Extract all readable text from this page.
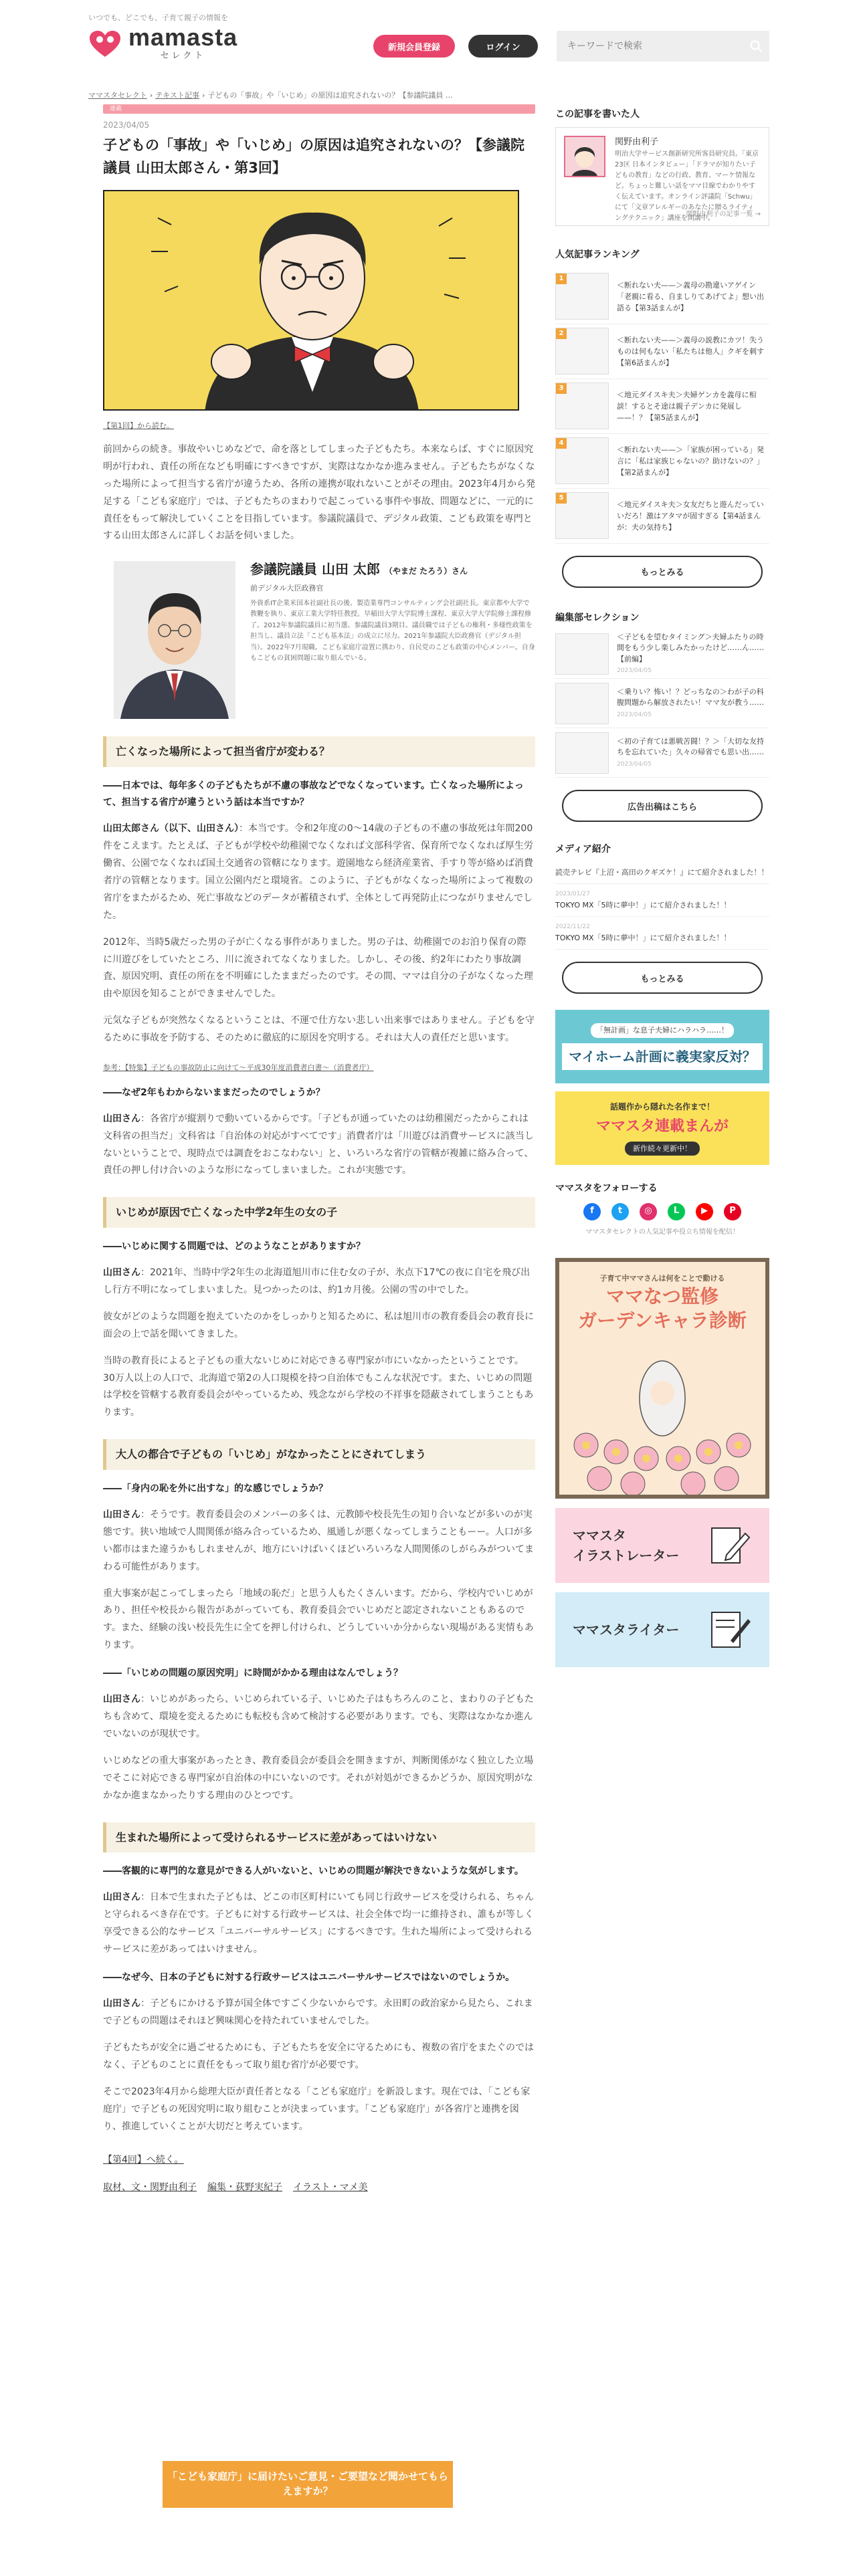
いつでも、どこでも、子育て親子の情報を
mamasta
セレクト
新規会員登録	ログイン
キーワードで検索
ママスタセレクト › テキスト記事 › 子どもの「事故」や「いじめ」の原因は追究されないの？【参議院議員 …
連載
2023/04/05
子どもの「事故」や「いじめ」の原因は追究されないの？【参議院議員 山田太郎さん・第3回】
【第1回】から読む。

前回からの続き。事故やいじめなどで、命を落としてしまった子どもたち。本来ならば、すぐに原因究明が行われ、責任の所在なども明確にすべきですが、実際はなかなか進みません。子どもたちがなくなった場所によって担当する省庁が違うため、各所の連携が取れないことがその理由。2023年4月から発足する「こども家庭庁」では、子どもたちのまわりで起こっている事件や事故、問題などに、一元的に責任をもって解決していくことを目指しています。参議院議員で、デジタル政策、こども政策を専門とする山田太郎さんに詳しくお話を伺いました。

参議院議員 山田 太郎 （やまだ たろう）さん
前デジタル大臣政務官
外資系IT企業米国本社副社長の後、製造業専門コンサルティング会社副社長。東京都や大学で教鞭を執り、東京工業大学特任教授。早稲田大学大学院博士課程、東京大学大学院修士課程修了。2012年参議院議員に初当選、参議院議員3期目。議員職では子どもの権利・多様性政策を担当し、議員立法「こども基本法」の成立に尽力。2021年参議院大臣政務官（デジタル担当）。2022年7月現職。こども家庭庁設置に携わり、自民党のこども政策の中心メンバー。自身もこどもの貧困問題に取り組んでいる。
亡くなった場所によって担当省庁が変わる？
――日本では、毎年多くの子どもたちが不慮の事故などでなくなっています。亡くなった場所によって、担当する省庁が違うという話は本当ですか？

山田太郎さん（以下、山田さん）：本当です。令和2年度の0〜14歳の子どもの不慮の事故死は年間200件をこえます。たとえば、子どもが学校や幼稚園でなくなれば文部科学省、保育所でなくなれば厚生労働省、公園でなくなれば国土交通省の管轄になります。遊園地なら経済産業省、手すり等が絡めば消費者庁の管轄となります。国立公園内だと環境省。このように、子どもがなくなった場所によって複数の省庁をまたがるため、死亡事故などのデータが蓄積されず、全体として再発防止につながりませんでした。

2012年、当時5歳だった男の子が亡くなる事件がありました。男の子は、幼稚園でのお泊り保育の際に川遊びをしていたところ、川に流されてなくなりました。しかし、その後、約2年にわたり事故調査、原因究明、責任の所在を不明確にしたままだったのです。その間、ママは自分の子がなくなった理由や原因を知ることができませんでした。

元気な子どもが突然なくなるということは、不運で仕方ない悲しい出来事ではありません。子どもを守るために事故を予防する、そのために徹底的に原因を究明する。それは大人の責任だと思います。

参考：【特集】子どもの事故防止に向けて〜平成30年度消費者白書〜（消費者庁）
――なぜ2年もわからないままだったのでしょうか？

山田さん：各省庁が縦割りで動いているからです。「子どもが通っていたのは幼稚園だったからこれは文科省の担当だ」文科省は「自治体の対応がすべてです」消費者庁は「川遊びは消費サービスに該当しないということで、現時点では調査をおこなわない」と、いろいろな省庁の管轄が複雑に絡み合って、責任の押し付け合いのような形になってしまいました。これが実態です。

いじめが原因で亡くなった中学2年生の女の子
――いじめに関する問題では、どのようなことがありますか？

山田さん：2021年、当時中学2年生の北海道旭川市に住む女の子が、氷点下17℃の夜に自宅を飛び出し行方不明になってしまいました。見つかったのは、約1カ月後。公園の雪の中でした。

彼女がどのような問題を抱えていたのかをしっかりと知るために、私は旭川市の教育委員会の教育長に面会の上で話を聞いてきました。

当時の教育長によると子どもの重大ないじめに対応できる専門家が市にいなかったということです。30万人以上の人口で、北海道で第2の人口規模を持つ自治体でもこんな状況です。また、いじめの問題は学校を管轄する教育委員会がやっているため、残念ながら学校の不祥事を隠蔽されてしまうこともあります。

大人の都合で子どもの「いじめ」がなかったことにされてしまう
――「身内の恥を外に出すな」的な感じでしょうか？

山田さん：そうです。教育委員会のメンバーの多くは、元教師や校長先生の知り合いなどが多いのが実態です。狭い地域で人間関係が絡み合っているため、風通しが悪くなってしまうこともーー。人口が多い都市はまた違うかもしれませんが、地方にいけばいくほどいろいろな人間関係のしがらみがついてまわる可能性があります。

重大事案が起こってしまったら「地域の恥だ」と思う人もたくさんいます。だから、学校内でいじめがあり、担任や校長から報告があがっていても、教育委員会でいじめだと認定されないこともあるのです。また、経験の浅い校長先生に全てを押し付けられ、どうしていいか分からない現場がある実情もあります。

――「いじめの問題の原因究明」に時間がかかる理由はなんでしょう？

山田さん：いじめがあったら、いじめられている子、いじめた子はもちろんのこと、まわりの子どもたちも含めて、環境を変えるためにも転校も含めて検討する必要があります。でも、実際はなかなか進んでいないのが現状です。

いじめなどの重大事案があったとき、教育委員会が委員会を開きますが、判断関係がなく独立した立場でそこに対応できる専門家が自治体の中にいないのです。それが対処ができるかどうか、原因究明がなかなか進まなかったりする理由のひとつです。

生まれた場所によって受けられるサービスに差があってはいけない
――客観的に専門的な意見ができる人がいないと、いじめの問題が解決できないような気がします。

山田さん：日本で生まれた子どもは、どこの市区町村にいても同じ行政サービスを受けられる、ちゃんと守られるべき存在です。子どもに対する行政サービスは、社会全体で均一に維持され、誰もが等しく享受できる公的なサービス「ユニバーサルサービス」にするべきです。生れた場所によって受けられるサービスに差があってはいけません。

――なぜ今、日本の子どもに対する行政サービスはユニバーサルサービスではないのでしょうか。

山田さん：子どもにかける予算が国全体ですごく少ないからです。永田町の政治家から見たら、これまで子どもの問題はそれほど興味関心を持たれていませんでした。

子どもたちが安全に過ごせるためにも、子どもたちを安全に守るためにも、複数の省庁をまたぐのではなく、子どものことに責任をもって取り組む省庁が必要です。

そこで2023年4月から総理大臣が責任者となる「こども家庭庁」を新設します。現在では、「こども家庭庁」で子どもの死因究明に取り組むことが決まっています。「こども家庭庁」が各省庁と連携を図り、推進していくことが大切だと考えています。

【第4回】へ続く。
取材、文・関野由利子 編集・荻野実紀子 イラスト・マメ美
「こども家庭庁」に届けたいご意見・ご要望など聞かせてもらえますか？
この記事を書いた人
関野由利子
明治大学サービス創新研究所客員研究員。「東京23区 日本インタビュー」「ドラマが知りたい子どもの教育」などの行政、教育、マーケ情報など。ちょっと難しい話をママ目線でわかりやすく伝えています。オンライン評議院「Schwu」にて「文章アレルギーのあなたに贈るライティングテクニック」講座を開講中。
関野由利子の記事一覧 →
人気記事ランキング
1
＜断れない夫——＞義母の勘違いアゲイン「老親に看る、自ましりてあげてよ」想い出語る【第3話まんが】
2
＜断れない夫——＞義母の説教にカツ！失うものは何もない「私たちは他人」クギを刺す【第6話まんが】
3
＜地元ダイスキ夫＞夫婦ゲンカを義母に相談！するとそ途は親子デンカに発展し——！？【第5話まんが】
4
＜断れない夫——＞「家族が困っている」発言に「私は家族じゃないの？助けないの？」【第2話まんが】
5
＜地元ダイスキ夫＞女友だちと遊んだっていいだろ！激はアタマが固すぎる【第4話まんが：夫の気持ち】
もっとみる
編集部セレクション
＜子どもを望むタイミング＞夫婦ふたりの時間をもう少し楽しみたかったけど……ん……【前編】
2023/04/05
＜乗りい？怖い！？どっちなの＞わが子の科腹問題から解放されたい！ママ友が教う……
2023/04/05
＜初の子育ては悪戦苦闘！？＞「大切な友持ちを忘れていた」久々の帰省でも思い出……
2023/04/05
広告出稿はこちら
メディア紹介
読売テレビ『上沼・高田のクギズケ！』にて紹介されました！！
2023/01/27
TOKYO MX「5時に夢中！」にて紹介されました！！
2022/11/22
TOKYO MX「5時に夢中！」にて紹介されました！！
もっとみる
「無計画」な息子夫婦にハラハラ……！
マイホーム計画に義実家反対？
話題作から隠れた名作まで！
ママスタ連載まんが
新作続々更新中！
ママスタをフォローする
f	t	◎	L	▶	P
ママスタセレクトの人気記事や役立ち情報を配信！
子育て中ママさんは何をことで動ける
ママなつ監修
ガーデンキャラ診断
ママスタ
イラストレーター
ママスタライター
